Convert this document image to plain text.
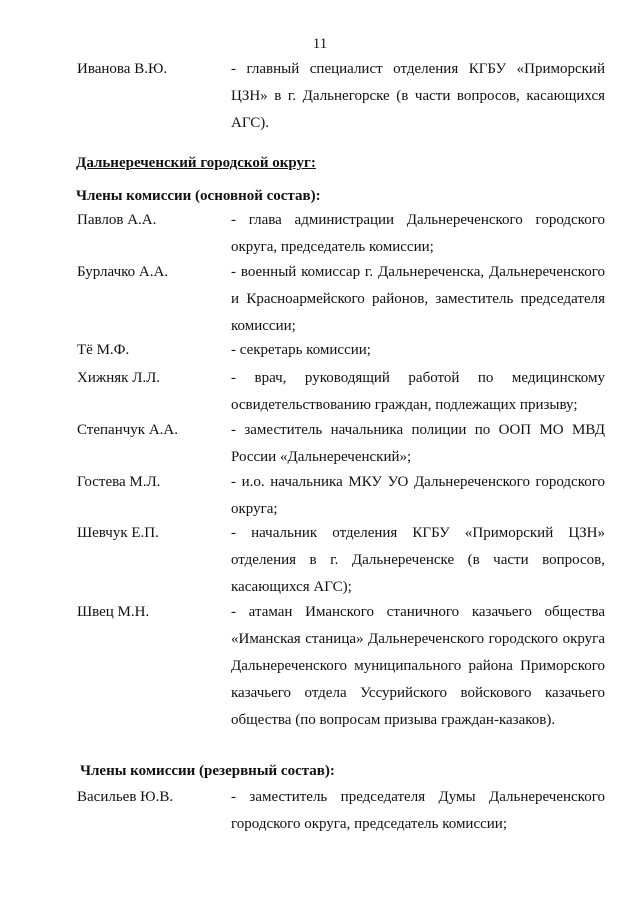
11
Иванова В.Ю.	- главный специалист отделения КГБУ «Приморский ЦЗН» в г. Дальнегорске (в части вопросов, касающихся АГС).
Дальнереченский городской округ:
Члены комиссии (основной состав):
Павлов А.А.	- глава администрации Дальнереченского городского округа, председатель комиссии;
Бурлачко А.А.	- военный комиссар г. Дальнереченска, Дальнереченского и Красноармейского районов, заместитель председателя комиссии;
Тё М.Ф.	- секретарь комиссии;
Хижняк Л.Л.	- врач, руководящий работой по медицинскому освидетельствованию граждан, подлежащих призыву;
Степанчук А.А.	- заместитель начальника полиции по ООП МО МВД России «Дальнереченский»;
Гостева М.Л.	- и.о. начальника МКУ УО Дальнереченского городского округа;
Шевчук Е.П.	- начальник отделения КГБУ «Приморский ЦЗН» отделения в г. Дальнереченске (в части вопросов, касающихся АГС);
Швец М.Н.	- атаман Иманского станичного казачьего общества «Иманская станица» Дальнереченского городского округа Дальнереченского муниципального района Приморского казачьего отдела Уссурийского войскового казачьего общества (по вопросам призыва граждан-казаков).
Члены комиссии (резервный состав):
Васильев Ю.В.	- заместитель председателя Думы Дальнереченского городского округа, председатель комиссии;
